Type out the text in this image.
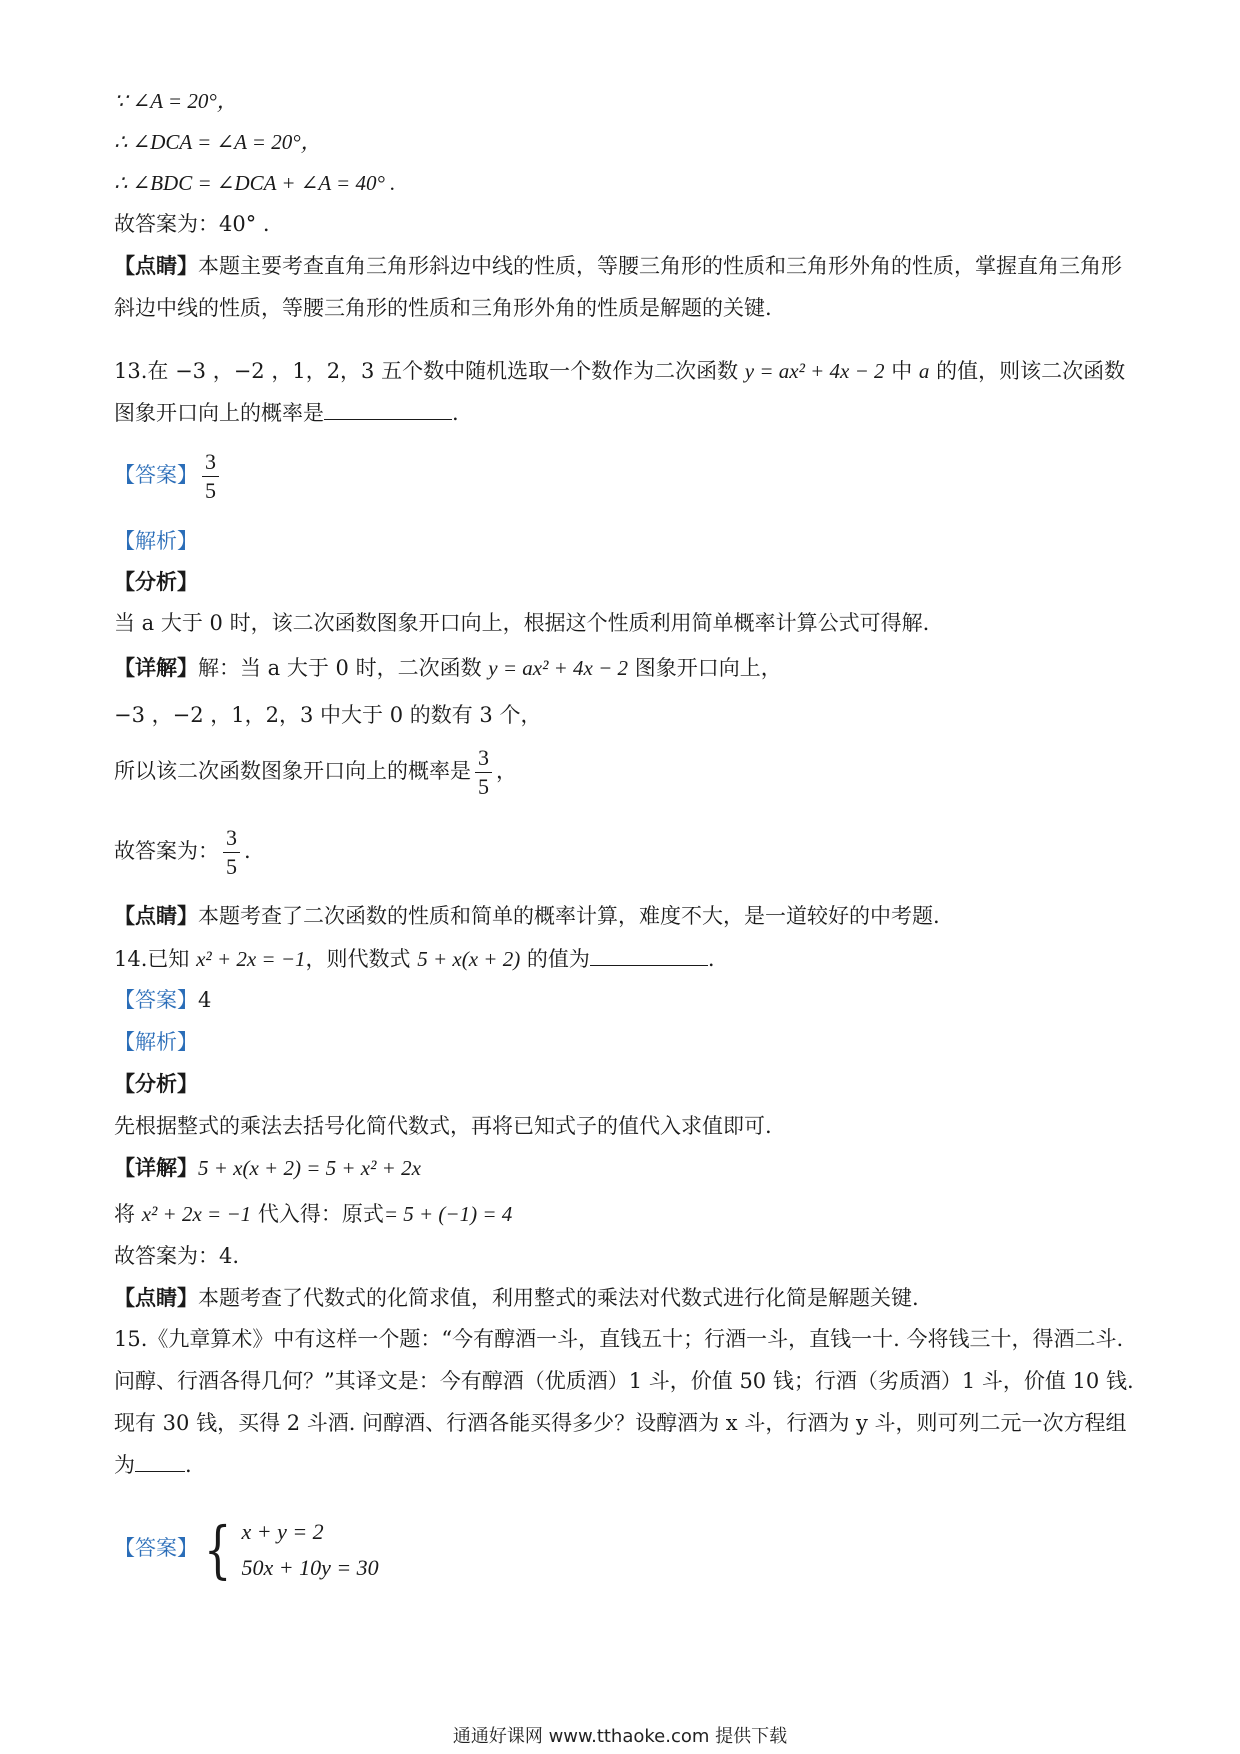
∵ ∠A = 20°，
∴ ∠DCA = ∠A = 20°，
∴ ∠BDC = ∠DCA + ∠A = 40° .
故答案为：40° .
【点睛】本题主要考查直角三角形斜边中线的性质，等腰三角形的性质和三角形外角的性质，掌握直角三角形斜边中线的性质，等腰三角形的性质和三角形外角的性质是解题的关键.
13.在 −3 ，−2 ，1，2，3 五个数中随机选取一个数作为二次函数 y = ax² + 4x − 2 中 a 的值，则该二次函数图象开口向上的概率是	.
【答案】 $\frac{3}{5}$
【解析】
【分析】
当 a 大于 0 时，该二次函数图象开口向上，根据这个性质利用简单概率计算公式可得解.
【详解】解：当 a 大于 0 时，二次函数 y = ax² + 4x − 2 图象开口向上，
−3 ，−2 ，1，2，3 中大于 0 的数有 3 个，
所以该二次函数图象开口向上的概率是 $\frac{3}{5}$ ，
故答案为： $\frac{3}{5}$ .
【点睛】本题考查了二次函数的性质和简单的概率计算，难度不大，是一道较好的中考题.
14.已知 x² + 2x = −1，则代数式 5 + x(x + 2) 的值为	.
【答案】4
【解析】
【分析】
先根据整式的乘法去括号化简代数式，再将已知式子的值代入求值即可.
【详解】5 + x(x + 2) = 5 + x² + 2x
将 x² + 2x = −1 代入得：原式= 5 + (−1) = 4
故答案为：4.
【点睛】本题考查了代数式的化简求值，利用整式的乘法对代数式进行化简是解题关键.
15.《九章算术》中有这样一个题：“今有醇酒一斗，直钱五十；行酒一斗，直钱一十. 今将钱三十，得酒二斗. 问醇、行酒各得几何？”其译文是：今有醇酒（优质酒）1 斗，价值 50 钱；行酒（劣质酒）1 斗，价值 10 钱. 现有 30 钱，买得 2 斗酒. 问醇酒、行酒各能买得多少？设醇酒为 x 斗，行酒为 y 斗，则可列二元一次方程组为 .
【答案】 { x + y = 2
50x + 10y = 30
通通好课网 www.tthaoke.com 提供下载
